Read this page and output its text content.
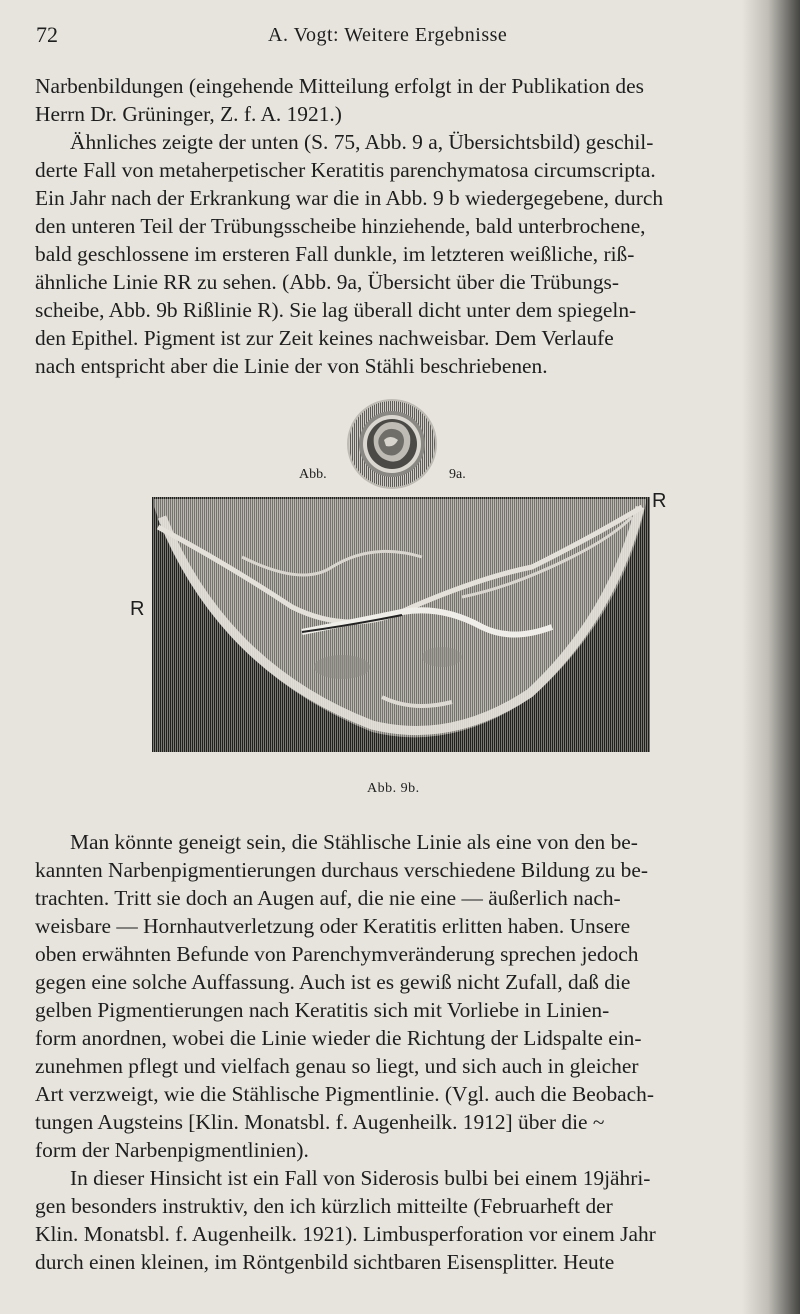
72	A. Vogt: Weitere Ergebnisse
Narbenbildungen (eingehende Mitteilung erfolgt in der Publikation des
Herrn Dr. Grüninger, Z. f. A. 1921.)
Ähnliches zeigte der unten (S. 75, Abb. 9 a, Übersichtsbild) geschil-
derte Fall von metaherpetischer Keratitis parenchymatosa circumscripta.
Ein Jahr nach der Erkrankung war die in Abb. 9 b wiedergegebene, durch
den unteren Teil der Trübungsscheibe hinziehende, bald unterbrochene,
bald geschlossene im ersteren Fall dunkle, im letzteren weißliche, riß-
ähnliche Linie RR zu sehen. (Abb. 9a, Übersicht über die Trübungs-
scheibe, Abb. 9b Rißlinie R). Sie lag überall dicht unter dem spiegeln-
den Epithel. Pigment ist zur Zeit keines nachweisbar. Dem Verlaufe
nach entspricht aber die Linie der von Stähli beschriebenen.
Abb.	9a.
R
R
Abb. 9b.
Man könnte geneigt sein, die Stählische Linie als eine von den be-
kannten Narbenpigmentierungen durchaus verschiedene Bildung zu be-
trachten. Tritt sie doch an Augen auf, die nie eine — äußerlich nach-
weisbare — Hornhautverletzung oder Keratitis erlitten haben. Unsere
oben erwähnten Befunde von Parenchymveränderung sprechen jedoch
gegen eine solche Auffassung. Auch ist es gewiß nicht Zufall, daß die
gelben Pigmentierungen nach Keratitis sich mit Vorliebe in Linien-
form anordnen, wobei die Linie wieder die Richtung der Lidspalte ein-
zunehmen pflegt und vielfach genau so liegt, und sich auch in gleicher
Art verzweigt, wie die Stählische Pigmentlinie. (Vgl. auch die Beobach-
tungen Augsteins [Klin. Monatsbl. f. Augenheilk. 1912] über die ~
form der Narbenpigmentlinien).
In dieser Hinsicht ist ein Fall von Siderosis bulbi bei einem 19jähri-
gen besonders instruktiv, den ich kürzlich mitteilte (Februarheft der
Klin. Monatsbl. f. Augenheilk. 1921). Limbusperforation vor einem Jahr
durch einen kleinen, im Röntgenbild sichtbaren Eisensplitter. Heute
